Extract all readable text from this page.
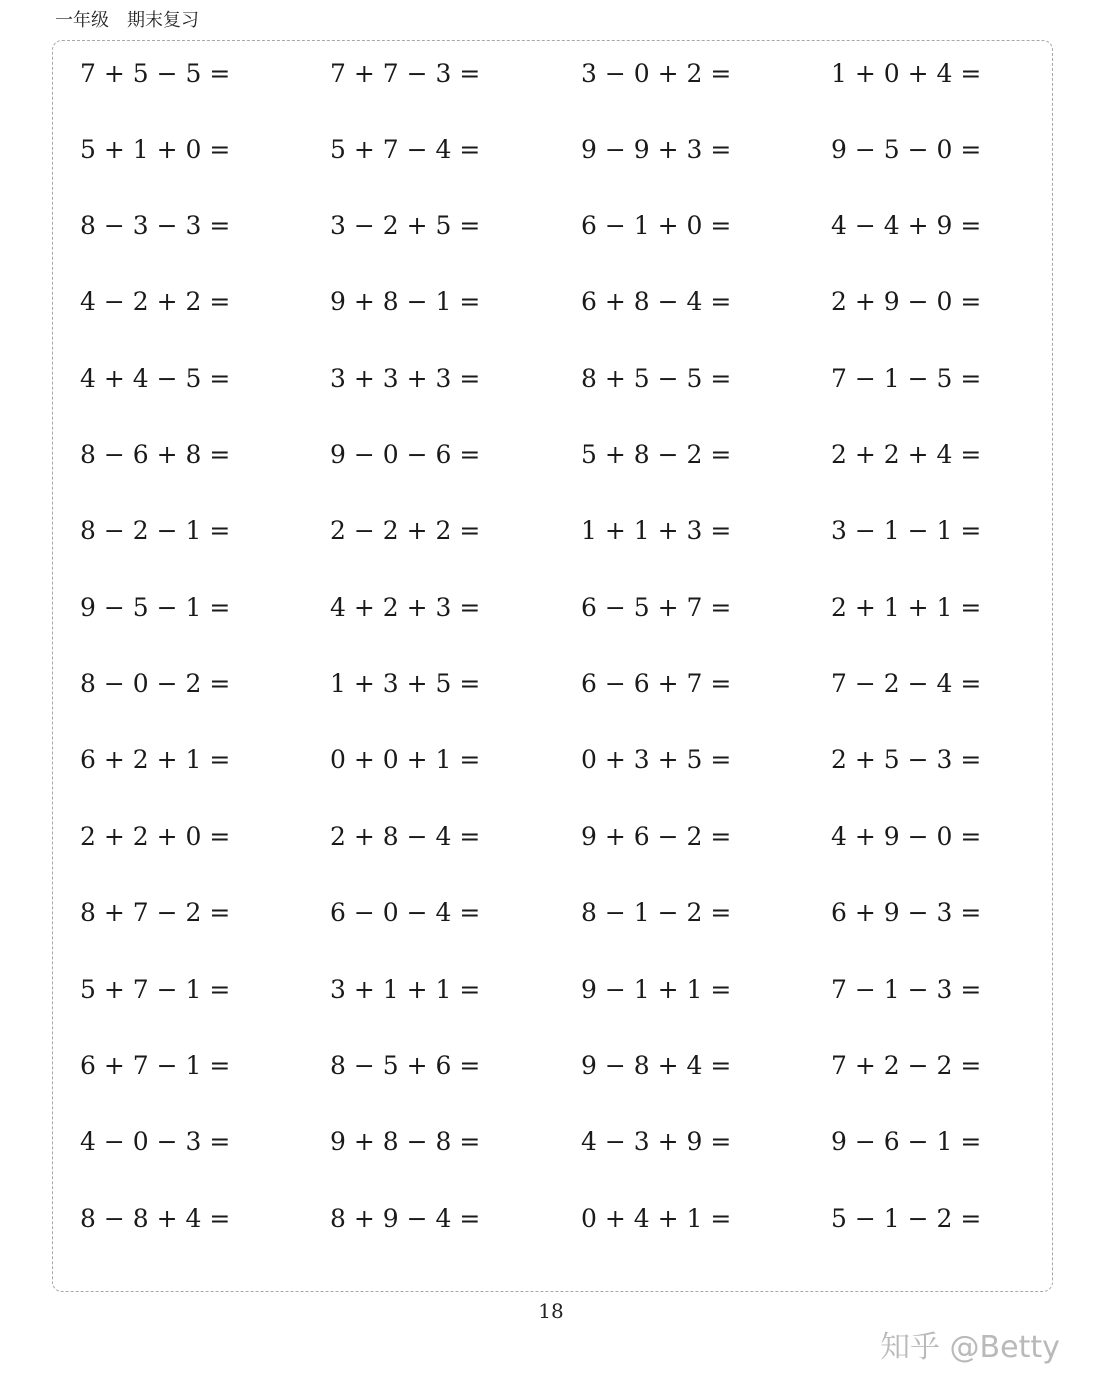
一年级　期末复习
7 + 5 − 5 =	7 + 7 − 3 =	3 − 0 + 2 =	1 + 0 + 4 =
5 + 1 + 0 =	5 + 7 − 4 =	9 − 9 + 3 =	9 − 5 − 0 =
8 − 3 − 3 =	3 − 2 + 5 =	6 − 1 + 0 =	4 − 4 + 9 =
4 − 2 + 2 =	9 + 8 − 1 =	6 + 8 − 4 =	2 + 9 − 0 =
4 + 4 − 5 =	3 + 3 + 3 =	8 + 5 − 5 =	7 − 1 − 5 =
8 − 6 + 8 =	9 − 0 − 6 =	5 + 8 − 2 =	2 + 2 + 4 =
8 − 2 − 1 =	2 − 2 + 2 =	1 + 1 + 3 =	3 − 1 − 1 =
9 − 5 − 1 =	4 + 2 + 3 =	6 − 5 + 7 =	2 + 1 + 1 =
8 − 0 − 2 =	1 + 3 + 5 =	6 − 6 + 7 =	7 − 2 − 4 =
6 + 2 + 1 =	0 + 0 + 1 =	0 + 3 + 5 =	2 + 5 − 3 =
2 + 2 + 0 =	2 + 8 − 4 =	9 + 6 − 2 =	4 + 9 − 0 =
8 + 7 − 2 =	6 − 0 − 4 =	8 − 1 − 2 =	6 + 9 − 3 =
5 + 7 − 1 =	3 + 1 + 1 =	9 − 1 + 1 =	7 − 1 − 3 =
6 + 7 − 1 =	8 − 5 + 6 =	9 − 8 + 4 =	7 + 2 − 2 =
4 − 0 − 3 =	9 + 8 − 8 =	4 − 3 + 9 =	9 − 6 − 1 =
8 − 8 + 4 =	8 + 9 − 4 =	0 + 4 + 1 =	5 − 1 − 2 =
18
知乎 @Betty
